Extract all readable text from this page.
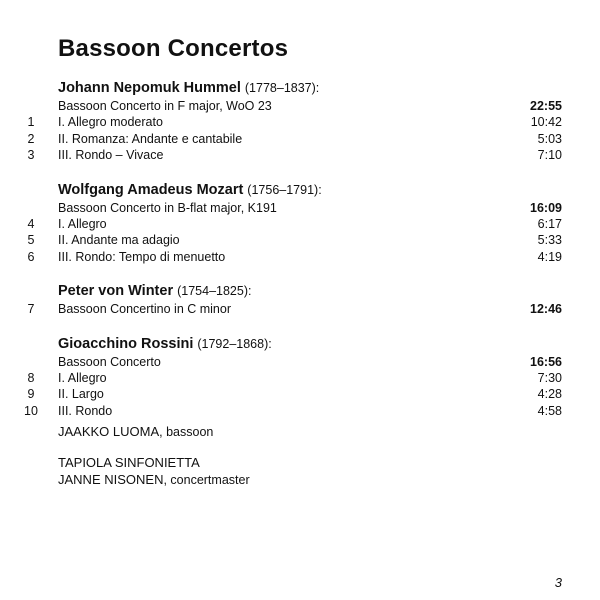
Bassoon Concertos
Johann Nepomuk Hummel (1778–1837):
Bassoon Concerto in F major, WoO 23	22:55
1	I. Allegro moderato	10:42
2	II. Romanza: Andante e cantabile	5:03
3	III. Rondo – Vivace	7:10
Wolfgang Amadeus Mozart (1756–1791):
Bassoon Concerto in B-flat major, K191	16:09
4	I. Allegro	6:17
5	II. Andante ma adagio	5:33
6	III. Rondo: Tempo di menuetto	4:19
Peter von Winter (1754–1825):
7	Bassoon Concertino in C minor	12:46
Gioacchino Rossini (1792–1868):
Bassoon Concerto	16:56
8	I. Allegro	7:30
9	II. Largo	4:28
10	III. Rondo	4:58
JAAKKO LUOMA, bassoon
TAPIOLA SINFONIETTA
JANNE NISONEN, concertmaster
3
